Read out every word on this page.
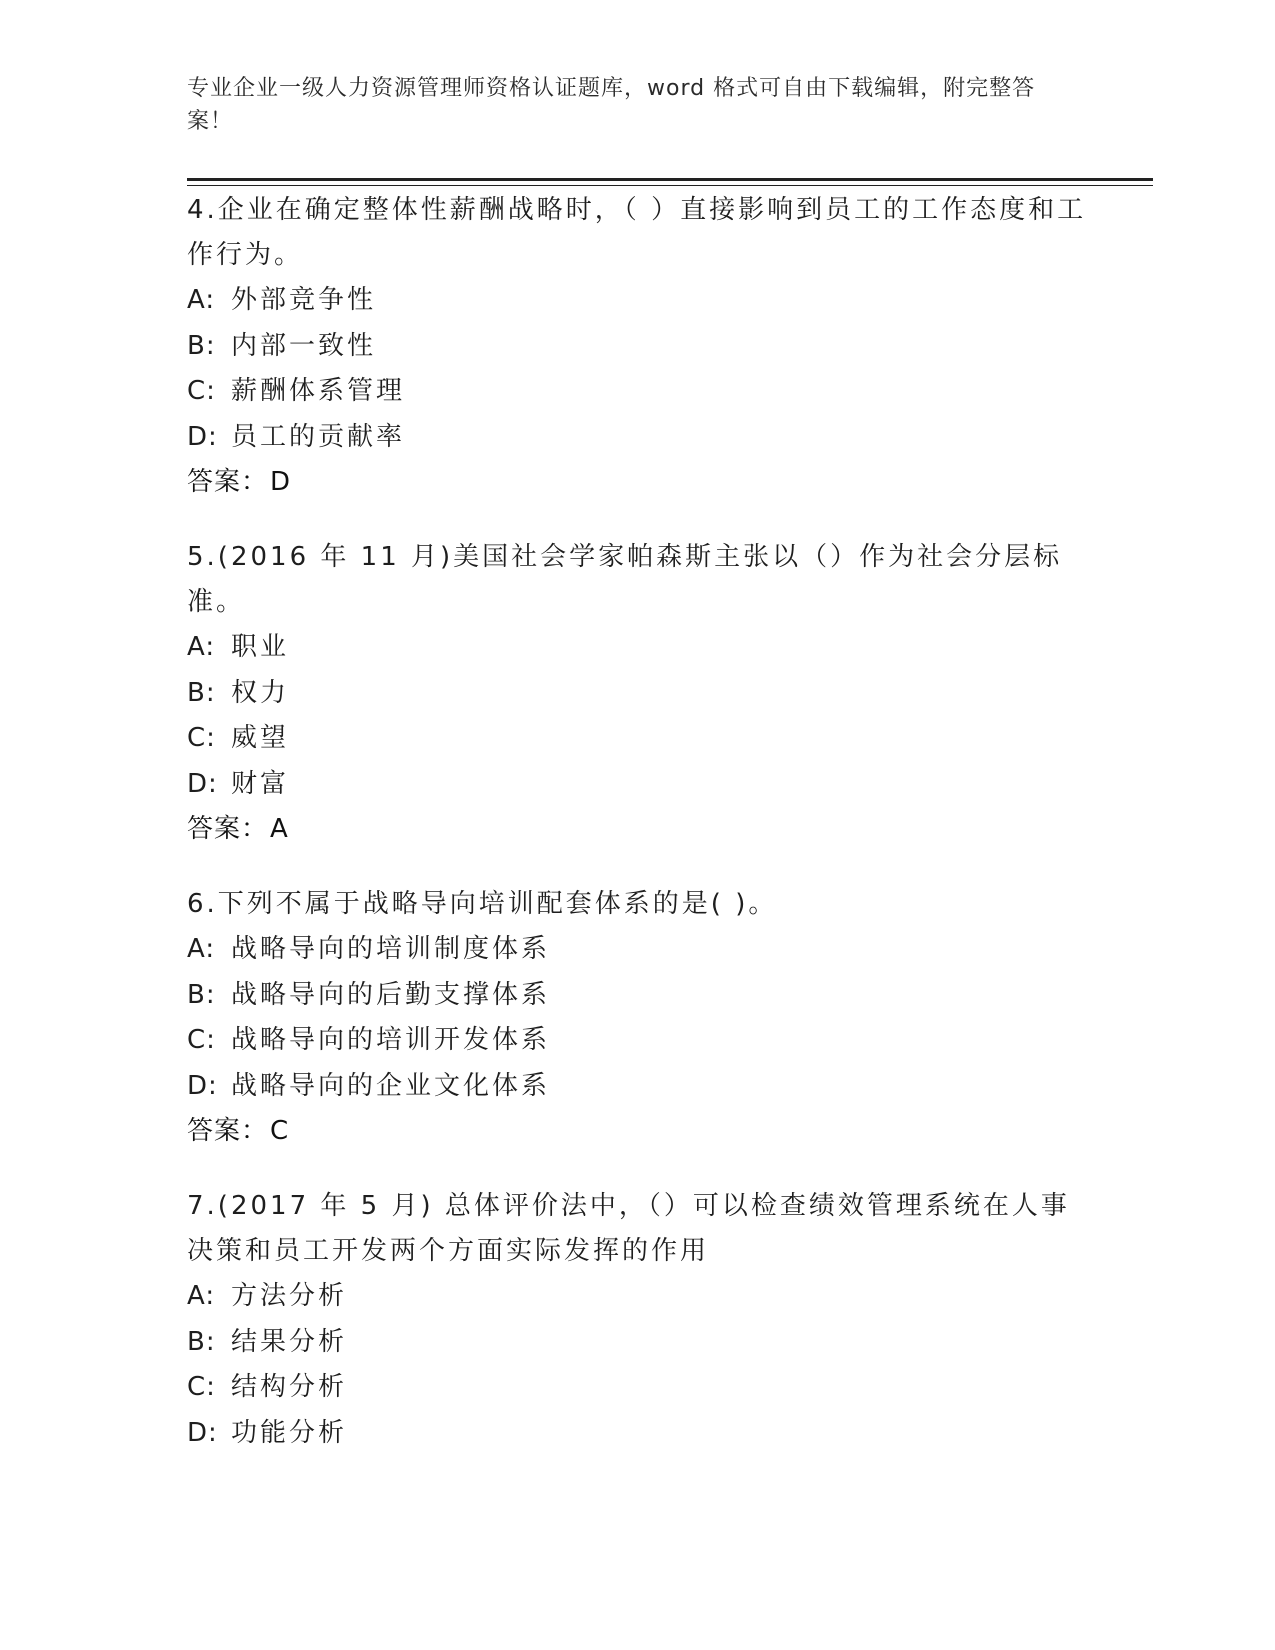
专业企业一级人力资源管理师资格认证题库，word 格式可自由下载编辑，附完整答案！

4.企业在确定整体性薪酬战略时，（ ）直接影响到员工的工作态度和工作行为。

A: 外部竞争性
B: 内部一致性
C: 薪酬体系管理
D: 员工的贡献率
答案：D

5.(2016 年 11 月)美国社会学家帕森斯主张以（）作为社会分层标准。

A: 职业
B: 权力
C: 威望
D: 财富
答案：A

6.下列不属于战略导向培训配套体系的是( )。

A: 战略导向的培训制度体系
B: 战略导向的后勤支撑体系
C: 战略导向的培训开发体系
D: 战略导向的企业文化体系
答案：C

7.(2017 年 5 月) 总体评价法中，（）可以检查绩效管理系统在人事决策和员工开发两个方面实际发挥的作用

A: 方法分析
B: 结果分析
C: 结构分析
D: 功能分析
